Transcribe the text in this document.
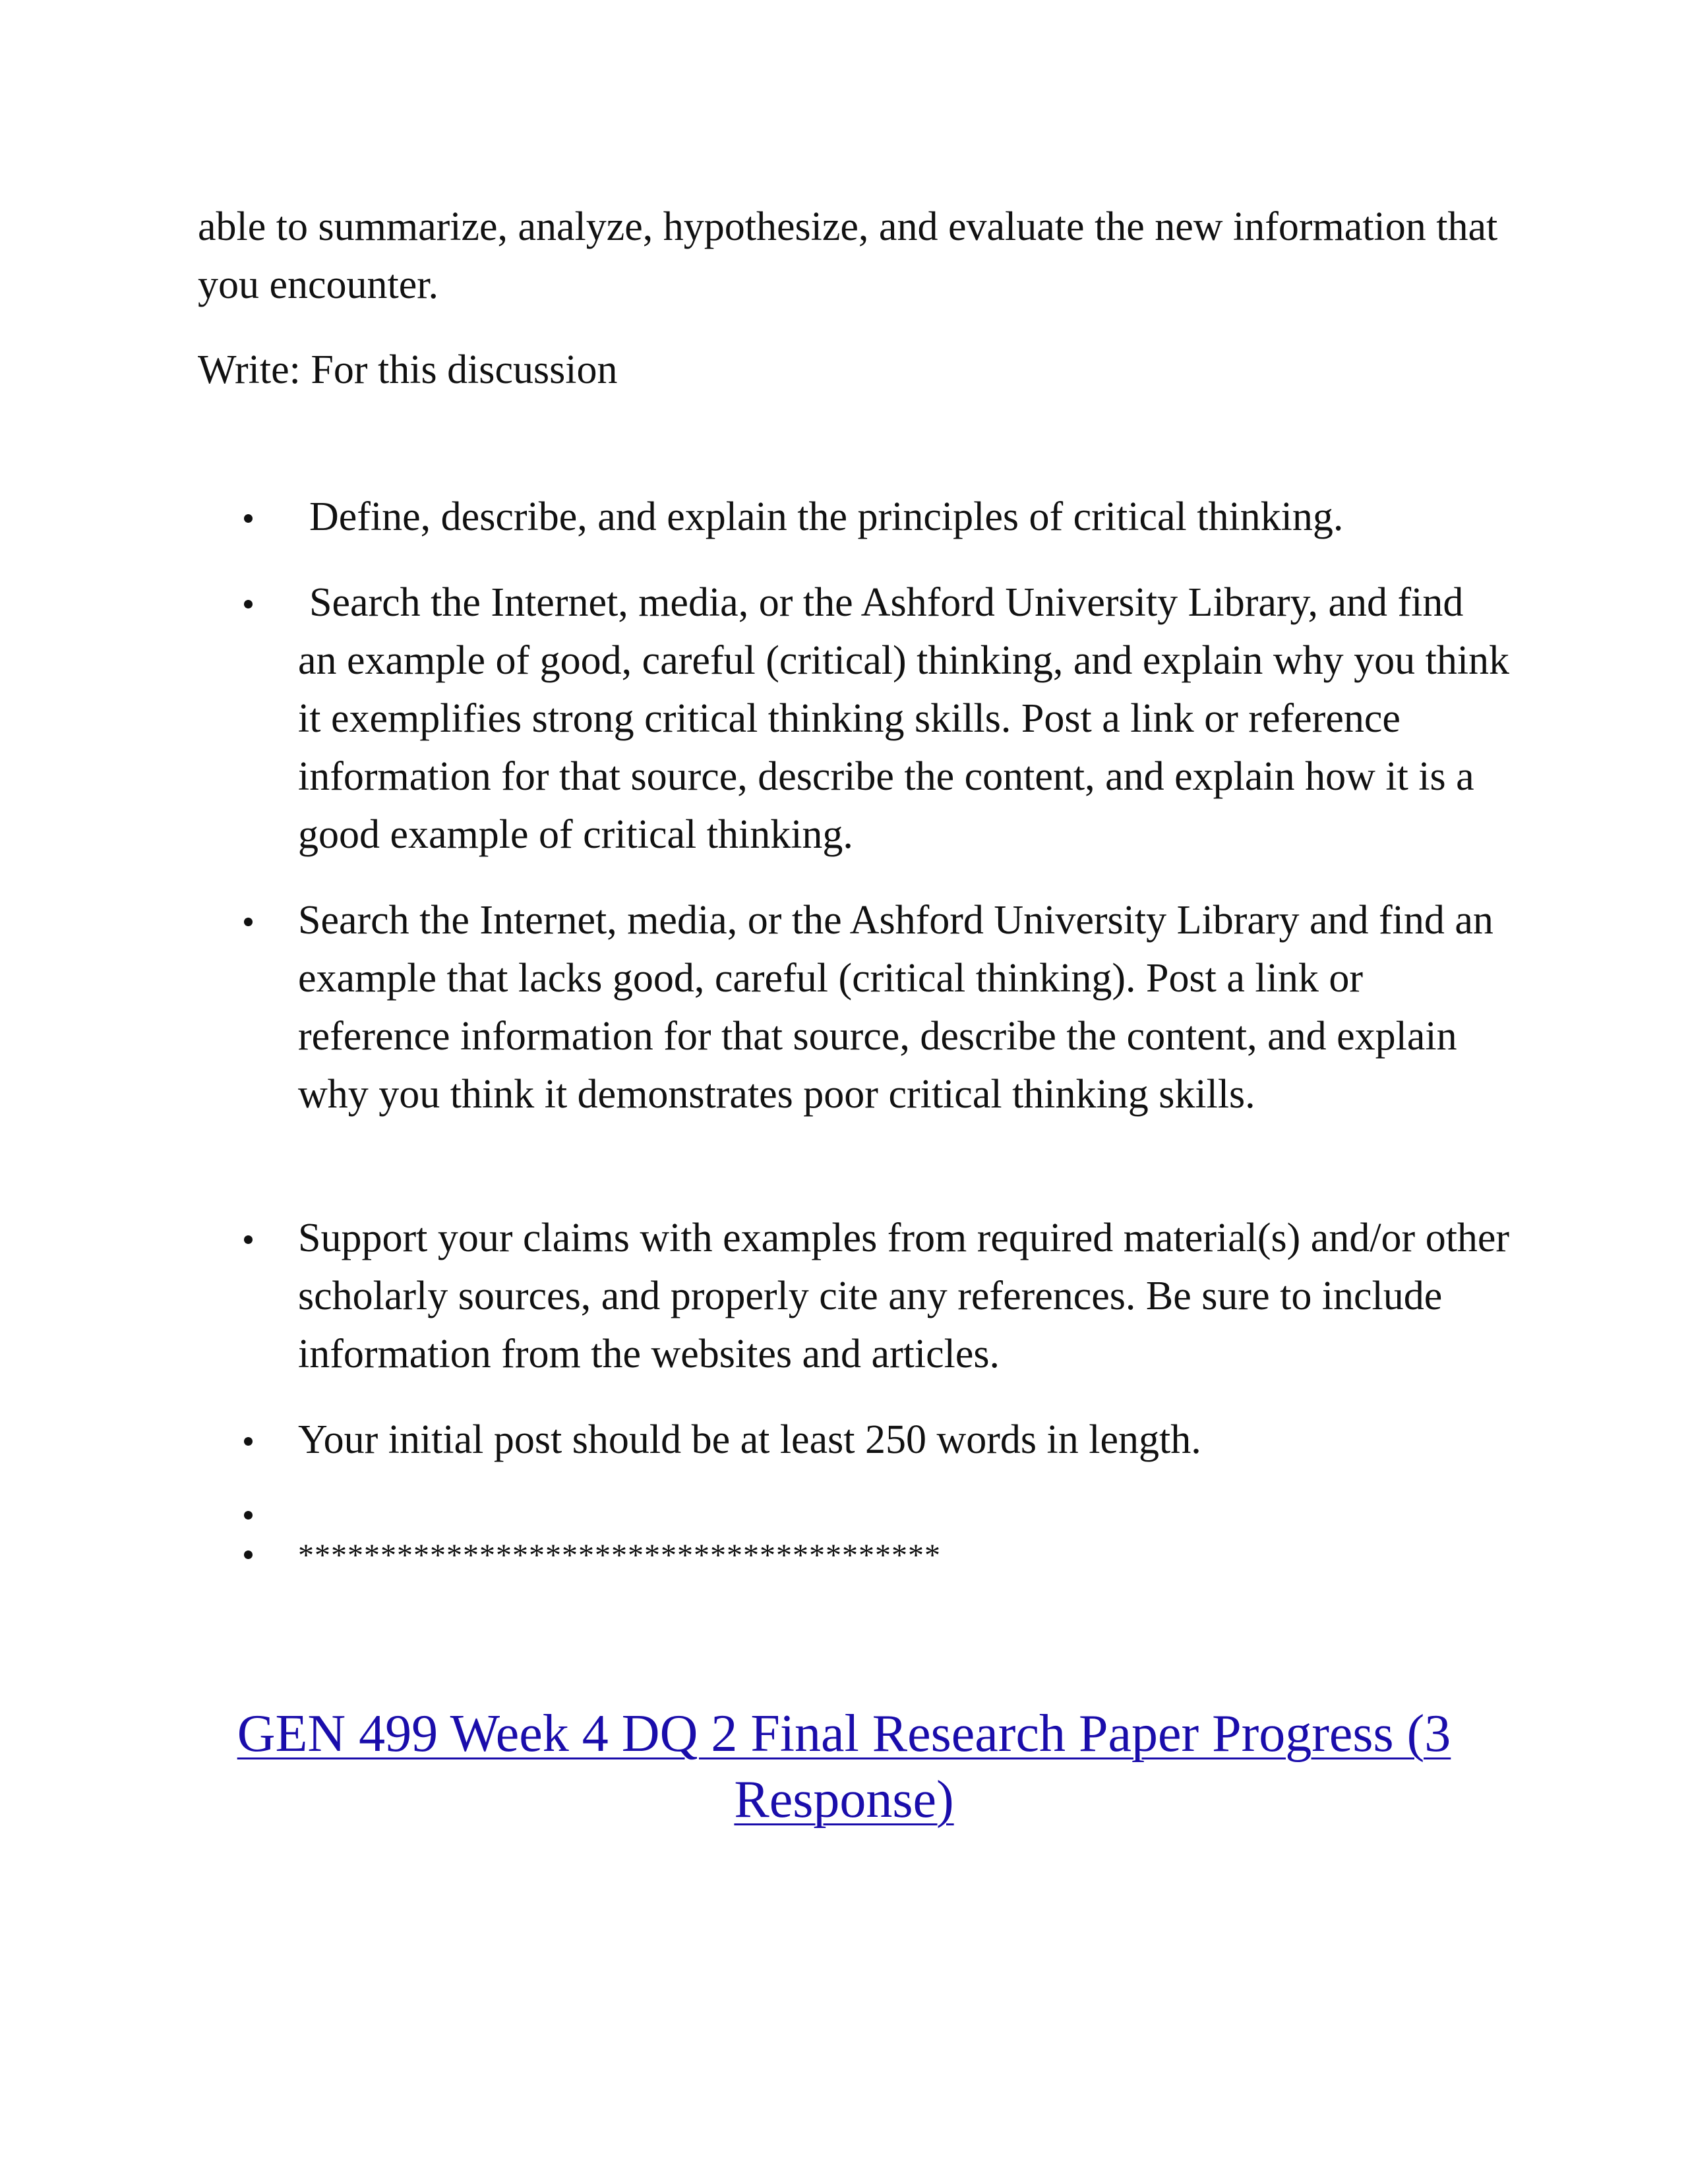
able to summarize, analyze, hypothesize, and evaluate the new information that you encounter.

Write: For this discussion

Define, describe, and explain the principles of critical thinking.
Search the Internet, media, or the Ashford University Library, and find an example of good, careful (critical) thinking, and explain why you think it exemplifies strong critical thinking skills. Post a link or reference information for that source, describe the content, and explain how it is a good example of critical thinking.
Search the Internet, media, or the Ashford University Library and find an example that lacks good, careful (critical thinking). Post a link or reference information for that source, describe the content, and explain why you think it demonstrates poor critical thinking skills.
Support your claims with examples from required material(s) and/or other scholarly sources, and properly cite any references. Be sure to include information from the websites and articles.
Your initial post should be at least 250 words in length.
***************************************
GEN 499 Week 4 DQ 2 Final Research Paper Progress (3 Response)
